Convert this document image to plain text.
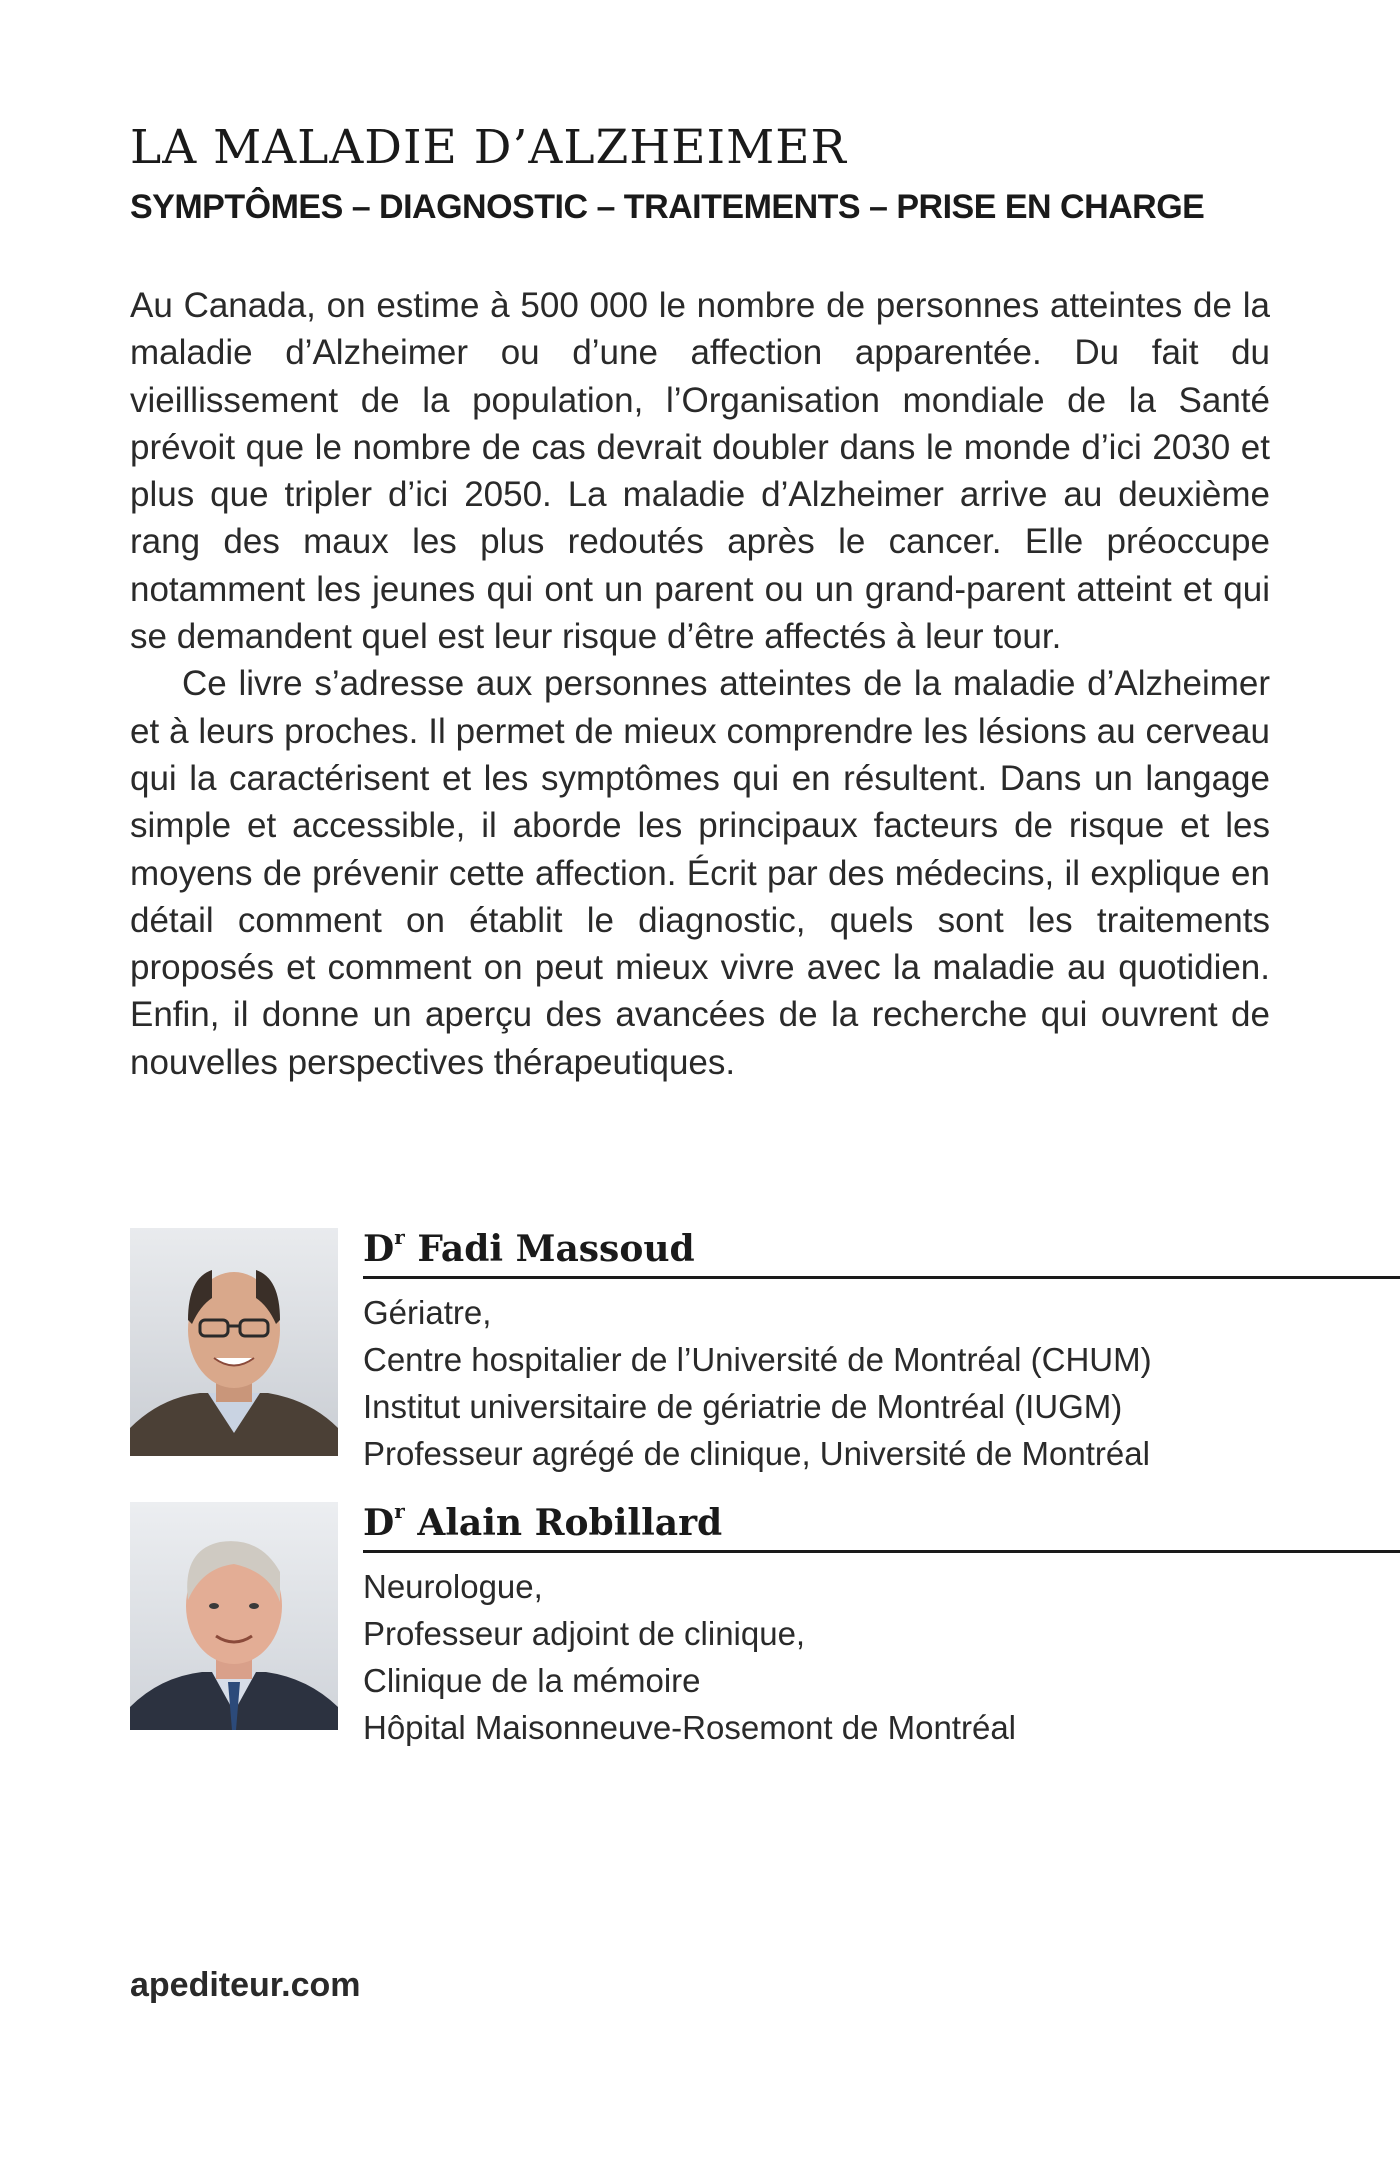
LA MALADIE D’ALZHEIMER
SYMPTÔMES – DIAGNOSTIC – TRAITEMENTS – PRISE EN CHARGE

Au Canada, on estime à 500 000 le nombre de personnes atteintes de la maladie d’Alzheimer ou d’une affection apparentée. Du fait du vieillissement de la population, l’Organisation mondiale de la Santé prévoit que le nombre de cas devrait doubler dans le monde d’ici 2030 et plus que tripler d’ici 2050. La maladie d’Alzheimer arrive au deuxième rang des maux les plus redoutés après le cancer. Elle préoccupe notamment les jeunes qui ont un parent ou un grand-parent atteint et qui se demandent quel est leur risque d’être affectés à leur tour.

Ce livre s’adresse aux personnes atteintes de la maladie d’Alzheimer et à leurs proches. Il permet de mieux comprendre les lésions au cerveau qui la caractérisent et les symptômes qui en résultent. Dans un langage simple et accessible, il aborde les principaux facteurs de risque et les moyens de prévenir cette affection. Écrit par des médecins, il explique en détail comment on établit le diagnostic, quels sont les traitements proposés et comment on peut mieux vivre avec la maladie au quotidien. Enfin, il donne un aperçu des avancées de la recherche qui ouvrent de nouvelles perspectives thérapeutiques.

$D^r$ Fadi Massoud
Gériatre,
Centre hospitalier de l’Université de Montréal (CHUM)
Institut universitaire de gériatrie de Montréal (IUGM)
Professeur agrégé de clinique, Université de Montréal
$D^r$ Alain Robillard
Neurologue,
Professeur adjoint de clinique,
Clinique de la mémoire
Hôpital Maisonneuve-Rosemont de Montréal
apediteur.com
